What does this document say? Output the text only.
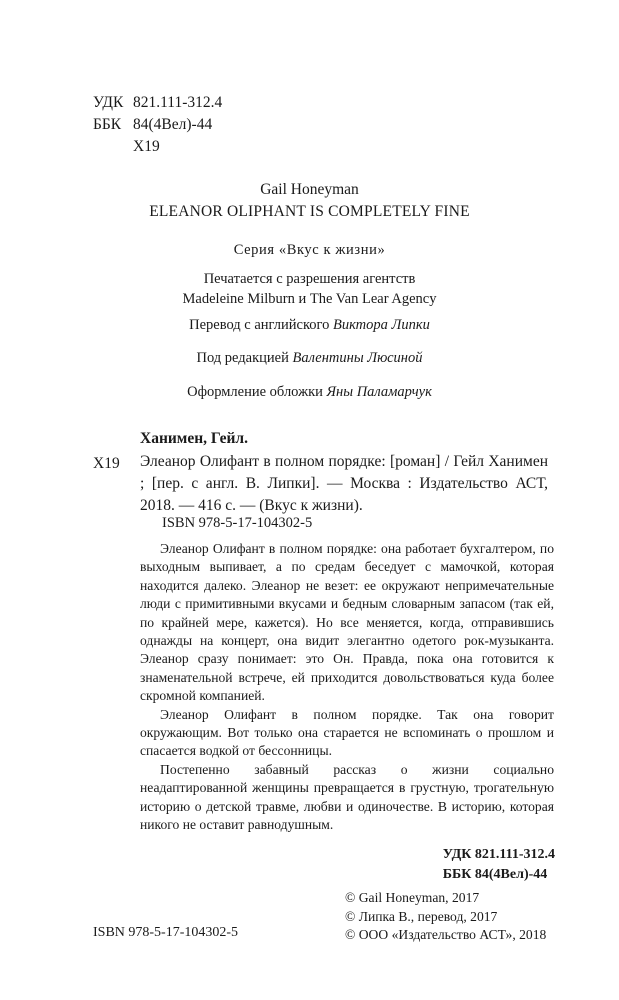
УДК 821.111-312.4
ББК 84(4Вел)-44
Х19
Gail Honeyman
ELEANOR OLIPHANT IS COMPLETELY FINE
Серия «Вкус к жизни»
Печатается с разрешения агентств
Madeleine Milburn и The Van Lear Agency
Перевод с английского Виктора Липки
Под редакцией Валентины Люсиной
Оформление обложки Яны Паламарчук
Ханимен, Гейл.
Х19 Элеанор Олифант в полном порядке: [роман] / Гейл Ханимен ; [пер. с англ. В. Липки]. — Москва : Издательство АСТ, 2018. — 416 с. — (Вкус к жизни).
ISBN 978-5-17-104302-5

Элеанор Олифант в полном порядке: она работает бухгалтером, по выходным выпивает, а по средам беседует с мамочкой, которая находится далеко. Элеанор не везет: ее окружают непримечательные люди с примитивными вкусами и бедным словарным запасом (так ей, по крайней мере, кажется). Но все меняется, когда, отправившись однажды на концерт, она видит элегантно одетого рок-музыканта. Элеанор сразу понимает: это Он. Правда, пока она готовится к знаменательной встрече, ей приходится довольствоваться куда более скромной компанией.

Элеанор Олифант в полном порядке. Так она говорит окружающим. Вот только она старается не вспоминать о прошлом и спасается водкой от бессонницы.

Постепенно забавный рассказ о жизни социально неадаптированной женщины превращается в грустную, трогательную историю о детской травме, любви и одиночестве. В историю, которая никого не оставит равнодушным.

УДК 821.111-312.4
ББК 84(4Вел)-44
© Gail Honeyman, 2017
© Липка В., перевод, 2017
© ООО «Издательство АСТ», 2018
ISBN 978-5-17-104302-5
